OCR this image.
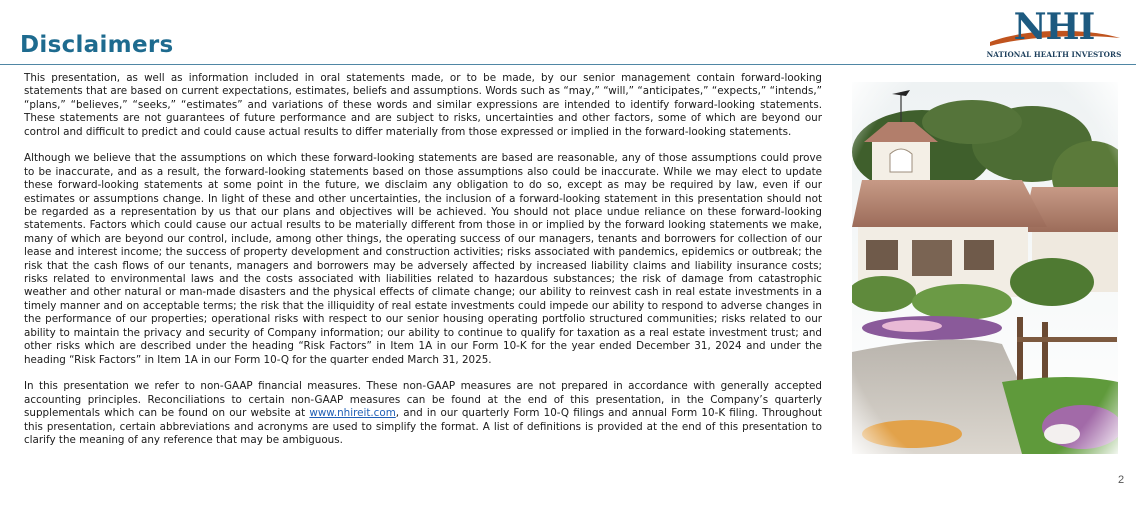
Disclaimers	NHI
NATIONAL HEALTH INVESTORS

This presentation, as well as information included in oral statements made, or to be made, by our senior management contain forward-looking statements that are based on current expectations, estimates, beliefs and assumptions. Words such as “may,” “will,” “anticipates,” “expects,” “intends,” “plans,” “believes,” “seeks,” “estimates” and variations of these words and similar expressions are intended to identify forward-looking statements. These statements are not guarantees of future performance and are subject to risks, uncertainties and other factors, some of which are beyond our control and difficult to predict and could cause actual results to differ materially from those expressed or implied in the forward-looking statements.

Although we believe that the assumptions on which these forward-looking statements are based are reasonable, any of those assumptions could prove to be inaccurate, and as a result, the forward-looking statements based on those assumptions also could be inaccurate. While we may elect to update these forward-looking statements at some point in the future, we disclaim any obligation to do so, except as may be required by law, even if our estimates or assumptions change. In light of these and other uncertainties, the inclusion of a forward-looking statement in this presentation should not be regarded as a representation by us that our plans and objectives will be achieved. You should not place undue reliance on these forward-looking statements. Factors which could cause our actual results to be materially different from those in or implied by the forward looking statements we make, many of which are beyond our control, include, among other things, the operating success of our managers, tenants and borrowers for collection of our lease and interest income; the success of property development and construction activities; risks associated with pandemics, epidemics or outbreak; the risk that the cash flows of our tenants, managers and borrowers may be adversely affected by increased liability claims and liability insurance costs; risks related to environmental laws and the costs associated with liabilities related to hazardous substances; the risk of damage from catastrophic weather and other natural or man-made disasters and the physical effects of climate change; our ability to reinvest cash in real estate investments in a timely manner and on acceptable terms; the risk that the illiquidity of real estate investments could impede our ability to respond to adverse changes in the performance of our properties; operational risks with respect to our senior housing operating portfolio structured communities; risks related to our ability to maintain the privacy and security of Company information; our ability to continue to qualify for taxation as a real estate investment trust; and other risks which are described under the heading “Risk Factors” in Item 1A in our Form 10-K for the year ended December 31, 2024 and under the heading “Risk Factors” in Item 1A in our Form 10-Q for the quarter ended March 31, 2025.

In this presentation we refer to non-GAAP financial measures. These non-GAAP measures are not prepared in accordance with generally accepted accounting principles. Reconciliations to certain non-GAAP measures can be found at the end of this presentation, in the Company’s quarterly supplementals which can be found on our website at www.nhireit.com, and in our quarterly Form 10-Q filings and annual Form 10-K filing. Throughout this presentation, certain abbreviations and acronyms are used to simplify the format. A list of definitions is provided at the end of this presentation to clarify the meaning of any reference that may be ambiguous.

2
